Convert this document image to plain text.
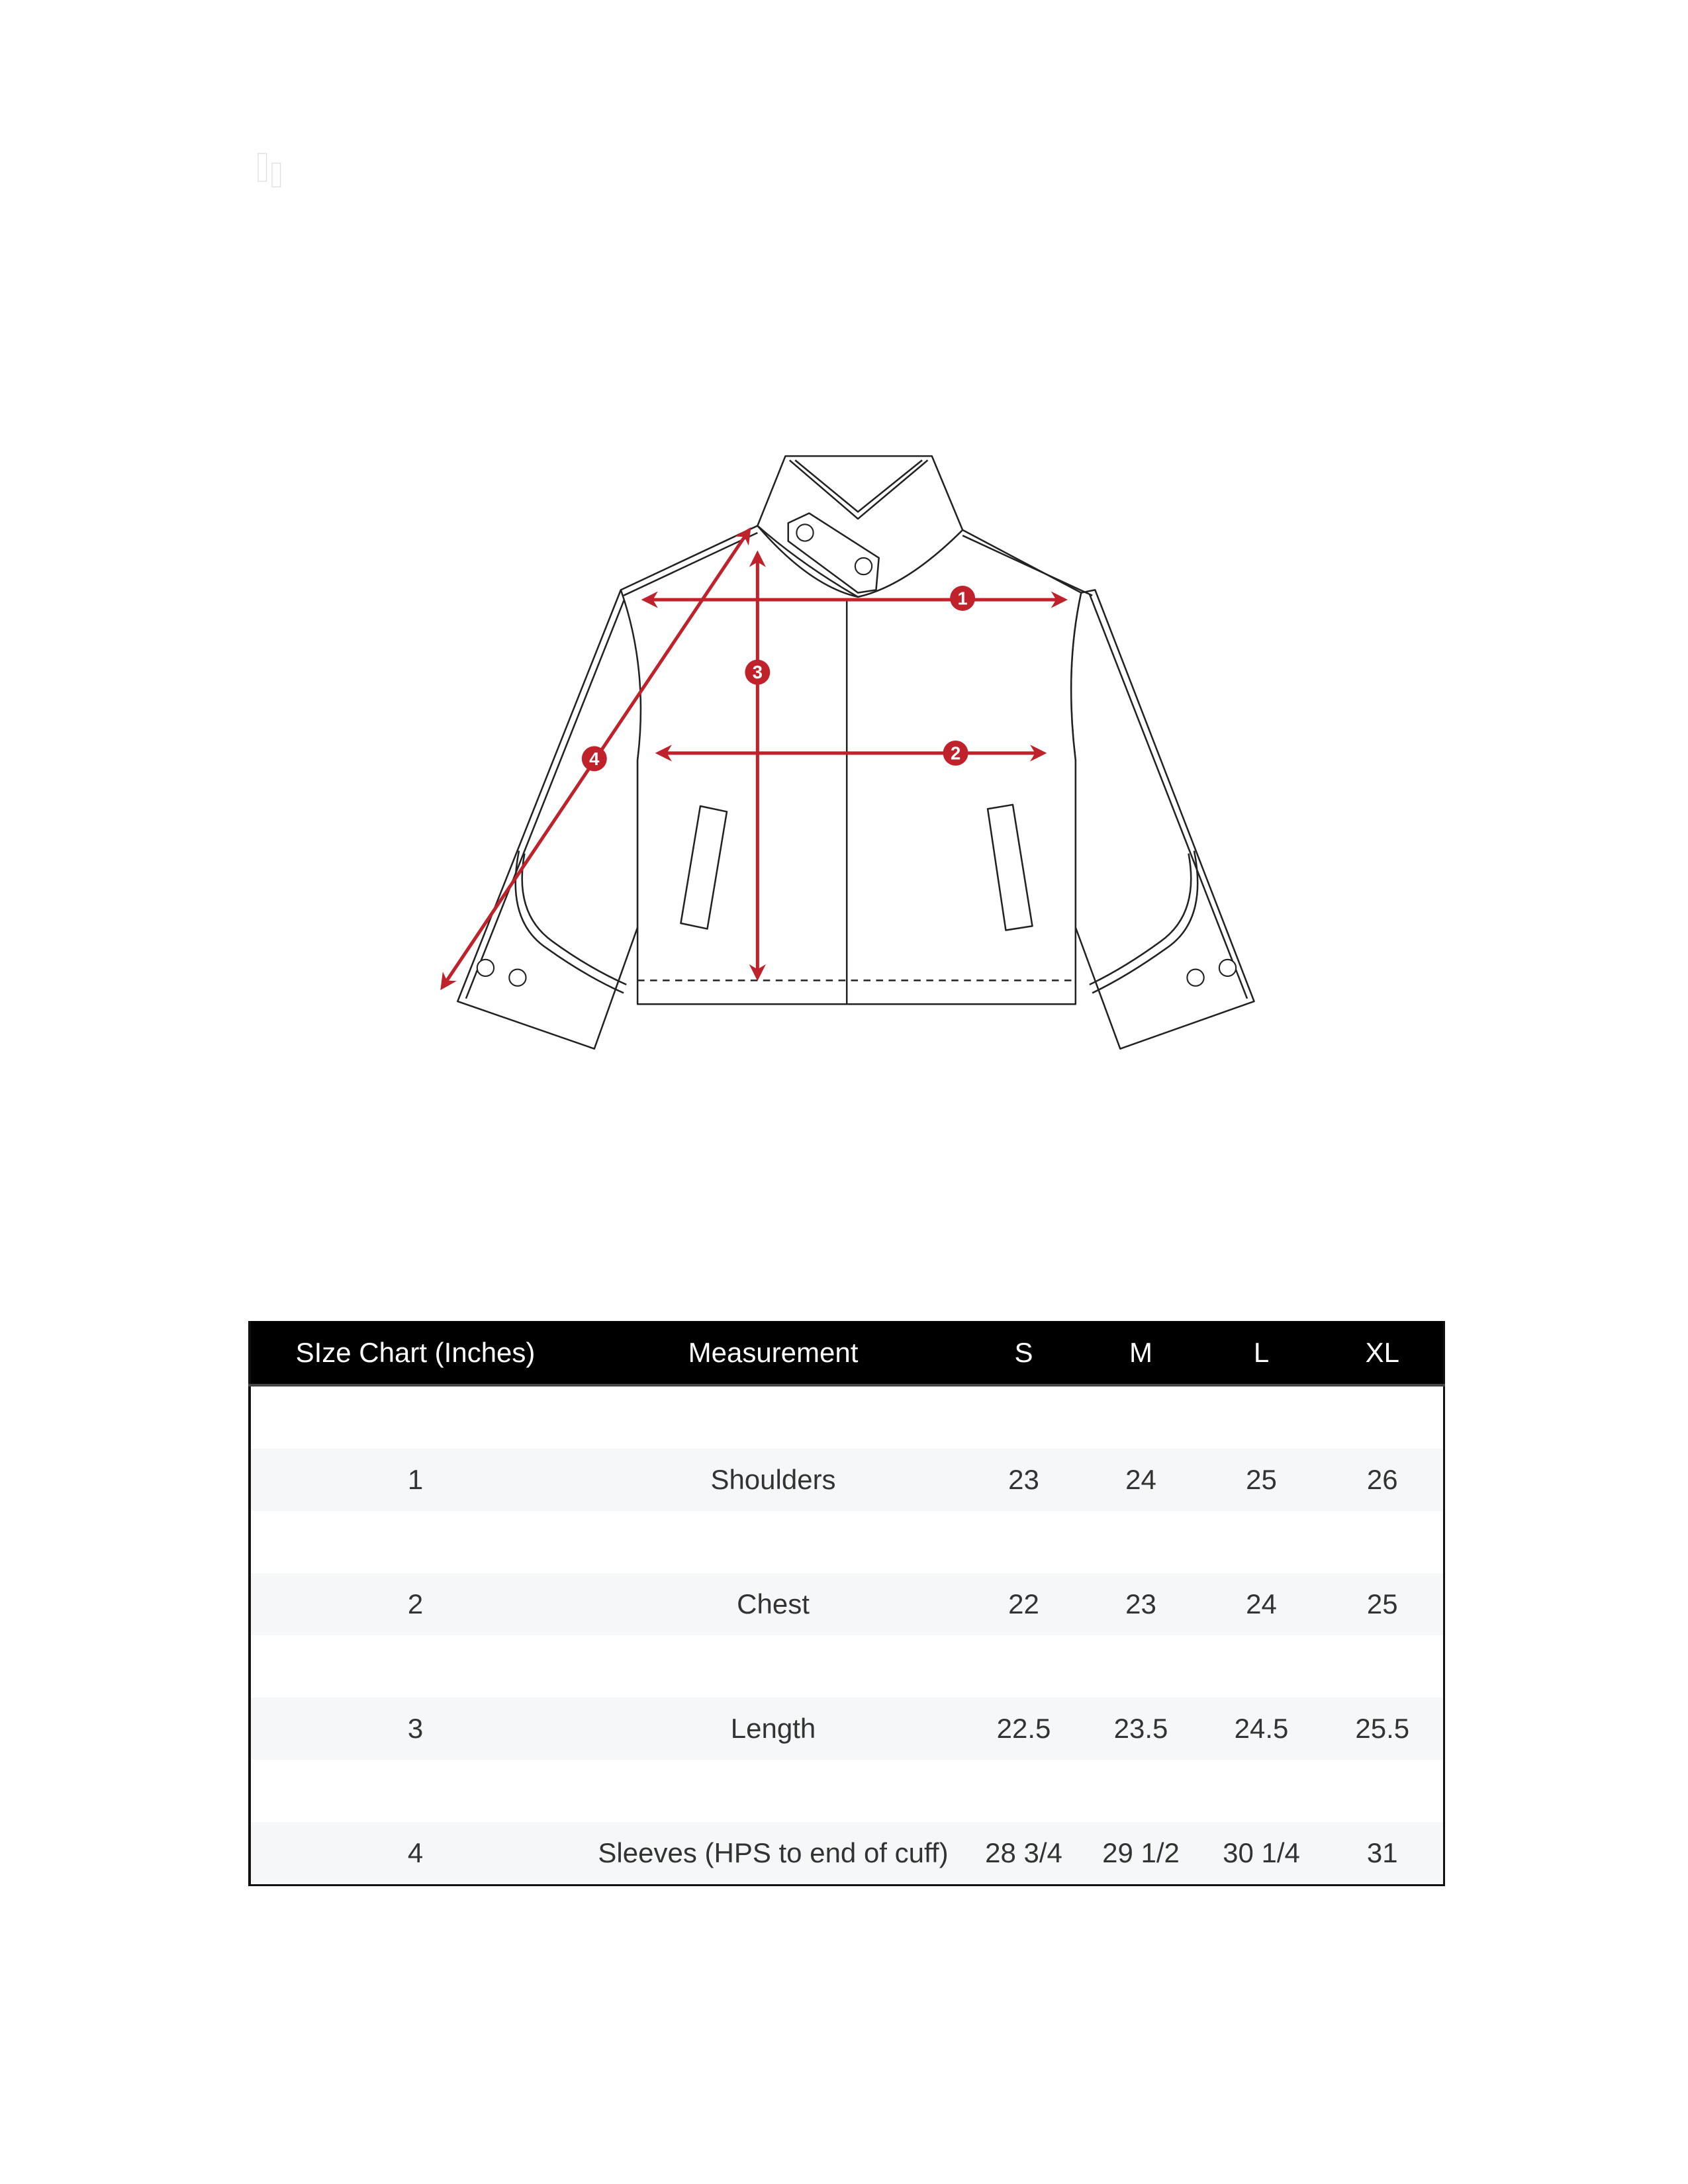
1
2
3
4
SIze Chart (Inches)	Measurement	S	M	L	XL

1	Shoulders	23	24	25	26

2	Chest	22	23	24	25

3	Length	22.5	23.5	24.5	25.5

4	Sleeves (HPS to end of cuff)	28 3/4	29 1/2	30 1/4	31
